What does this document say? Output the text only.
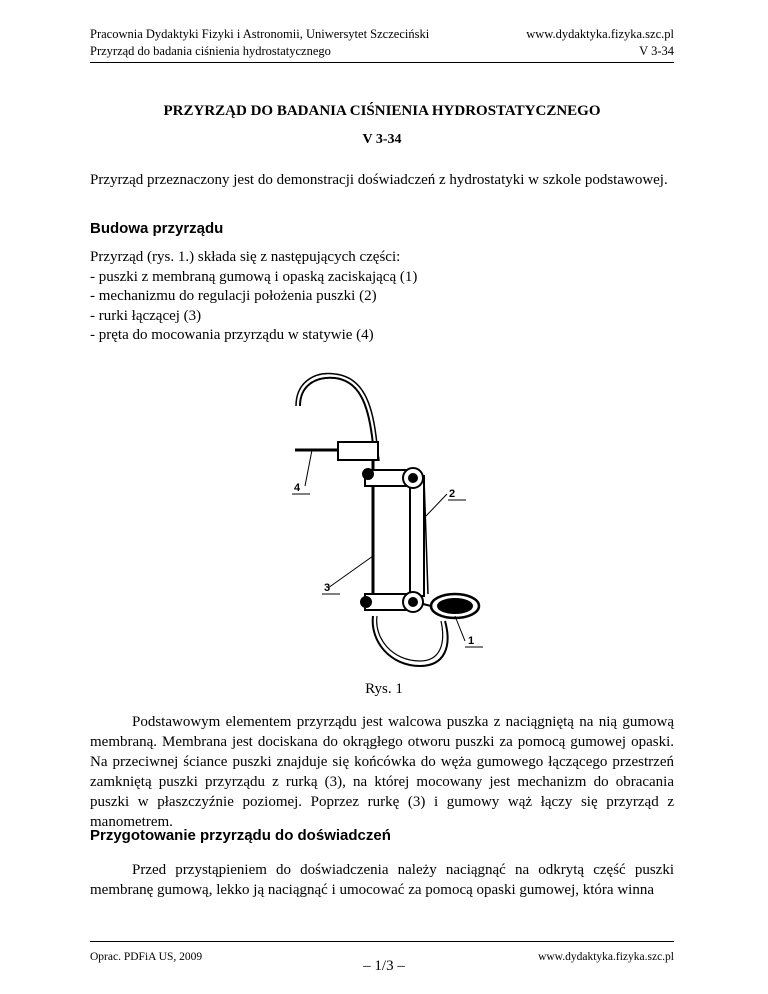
Pracownia Dydaktyki Fizyki i Astronomii, Uniwersytet Szczeciński
Przyrząd do badania ciśnienia hydrostatycznego
www.dydaktyka.fizyka.szc.pl
V 3-34
PRZYRZĄD DO BADANIA CIŚNIENIA HYDROSTATYCZNEGO
V 3-34
Przyrząd przeznaczony jest do demonstracji doświadczeń z hydrostatyki w szkole podstawowej.
Budowa przyrządu
Przyrząd (rys. 1.) składa się z następujących części:
- puszki z membraną gumową i opaską zaciskającą (1)
- mechanizmu do regulacji położenia puszki (2)
- rurki łączącej (3)
- pręta do mocowania przyrządu w statywie (4)
4	2
3
1
Rys. 1
Podstawowym elementem przyrządu jest walcowa puszka z naciągniętą na nią gumową membraną. Membrana jest dociskana do okrągłego otworu puszki za pomocą gumowej opaski. Na przeciwnej ściance puszki znajduje się końcówka do węża gumowego łączącego przestrzeń zamkniętą puszki przyrządu z rurką (3), na której mocowany jest mechanizm do obracania puszki w płaszczyźnie poziomej. Poprzez rurkę (3) i gumowy wąż łączy się przyrząd z manometrem.
Przygotowanie przyrządu do doświadczeń
Przed przystąpieniem do doświadczenia należy naciągnąć na odkrytą część puszki membranę gumową, lekko ją naciągnąć i umocować za pomocą opaski gumowej, która winna
Oprac. PDFiA US, 2009
– 1/3 –
www.dydaktyka.fizyka.szc.pl
